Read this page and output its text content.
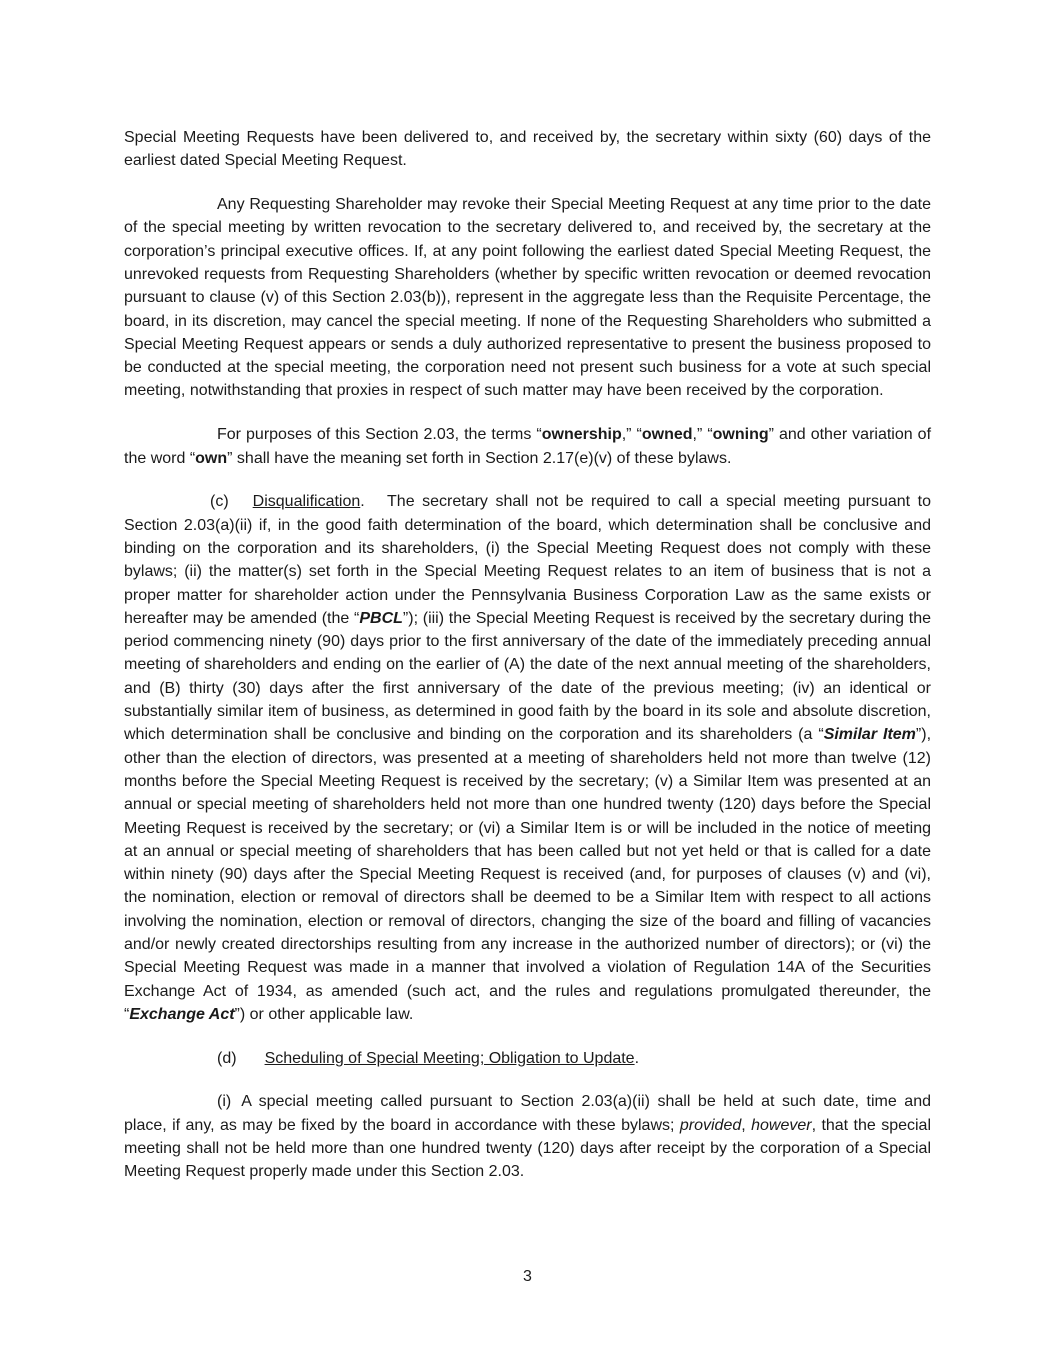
Special Meeting Requests have been delivered to, and received by, the secretary within sixty (60) days of the earliest dated Special Meeting Request.

Any Requesting Shareholder may revoke their Special Meeting Request at any time prior to the date of the special meeting by written revocation to the secretary delivered to, and received by, the secretary at the corporation’s principal executive offices. If, at any point following the earliest dated Special Meeting Request, the unrevoked requests from Requesting Shareholders (whether by specific written revocation or deemed revocation pursuant to clause (v) of this Section 2.03(b)), represent in the aggregate less than the Requisite Percentage, the board, in its discretion, may cancel the special meeting. If none of the Requesting Shareholders who submitted a Special Meeting Request appears or sends a duly authorized representative to present the business proposed to be conducted at the special meeting, the corporation need not present such business for a vote at such special meeting, notwithstanding that proxies in respect of such matter may have been received by the corporation.

For purposes of this Section 2.03, the terms “ownership,” “owned,” “owning” and other variation of the word “own” shall have the meaning set forth in Section 2.17(e)(v) of these bylaws.

(c) Disqualification. The secretary shall not be required to call a special meeting pursuant to Section 2.03(a)(ii) if, in the good faith determination of the board, which determination shall be conclusive and binding on the corporation and its shareholders, (i) the Special Meeting Request does not comply with these bylaws; (ii) the matter(s) set forth in the Special Meeting Request relates to an item of business that is not a proper matter for shareholder action under the Pennsylvania Business Corporation Law as the same exists or hereafter may be amended (the “PBCL”); (iii) the Special Meeting Request is received by the secretary during the period commencing ninety (90) days prior to the first anniversary of the date of the immediately preceding annual meeting of shareholders and ending on the earlier of (A) the date of the next annual meeting of the shareholders, and (B) thirty (30) days after the first anniversary of the date of the previous meeting; (iv) an identical or substantially similar item of business, as determined in good faith by the board in its sole and absolute discretion, which determination shall be conclusive and binding on the corporation and its shareholders (a “Similar Item”), other than the election of directors, was presented at a meeting of shareholders held not more than twelve (12) months before the Special Meeting Request is received by the secretary; (v) a Similar Item was presented at an annual or special meeting of shareholders held not more than one hundred twenty (120) days before the Special Meeting Request is received by the secretary; or (vi) a Similar Item is or will be included in the notice of meeting at an annual or special meeting of shareholders that has been called but not yet held or that is called for a date within ninety (90) days after the Special Meeting Request is received (and, for purposes of clauses (v) and (vi), the nomination, election or removal of directors shall be deemed to be a Similar Item with respect to all actions involving the nomination, election or removal of directors, changing the size of the board and filling of vacancies and/or newly created directorships resulting from any increase in the authorized number of directors); or (vi) the Special Meeting Request was made in a manner that involved a violation of Regulation 14A of the Securities Exchange Act of 1934, as amended (such act, and the rules and regulations promulgated thereunder, the “Exchange Act”) or other applicable law.

(d) Scheduling of Special Meeting; Obligation to Update.

(i) A special meeting called pursuant to Section 2.03(a)(ii) shall be held at such date, time and place, if any, as may be fixed by the board in accordance with these bylaws; provided, however, that the special meeting shall not be held more than one hundred twenty (120) days after receipt by the corporation of a Special Meeting Request properly made under this Section 2.03.

3
